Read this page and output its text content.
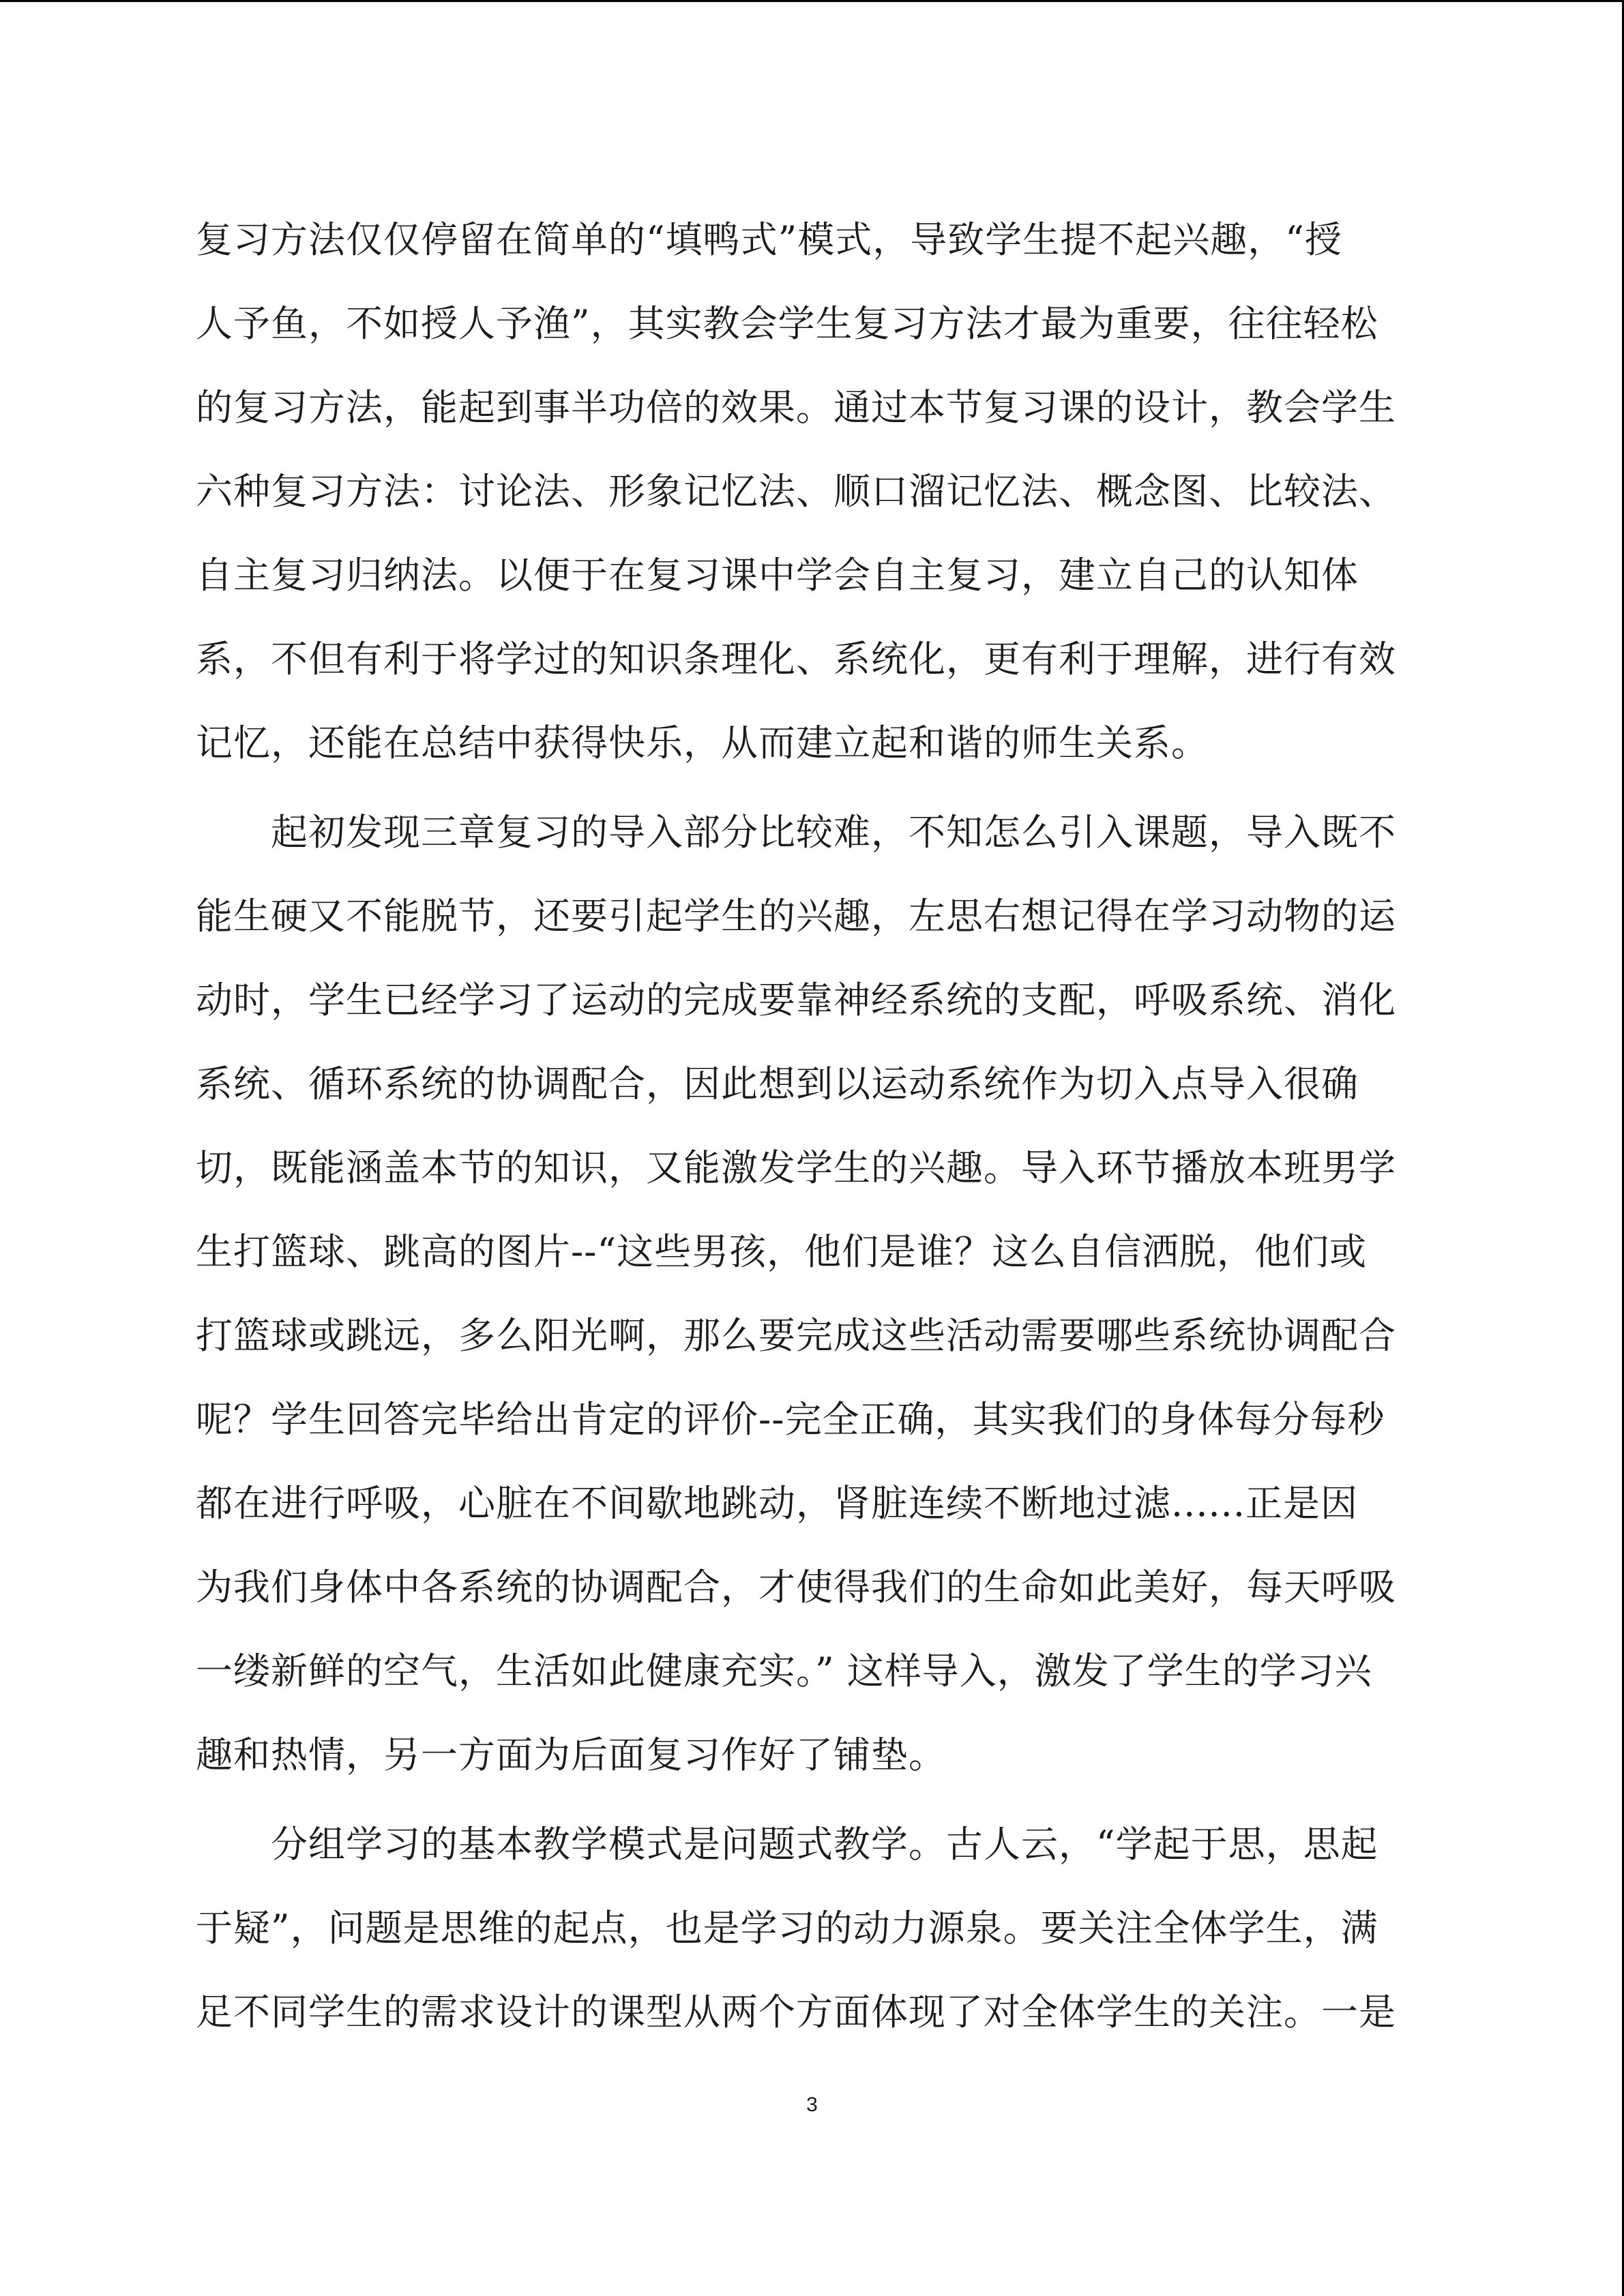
复习方法仅仅停留在简单的“填鸭式”模式，导致学生提不起兴趣，“授
人予鱼，不如授人予渔”，其实教会学生复习方法才最为重要，往往轻松
的复习方法，能起到事半功倍的效果。通过本节复习课的设计，教会学生
六种复习方法：讨论法、形象记忆法、顺口溜记忆法、概念图、比较法、
自主复习归纳法。以便于在复习课中学会自主复习，建立自己的认知体
系，不但有利于将学过的知识条理化、系统化，更有利于理解，进行有效
记忆，还能在总结中获得快乐，从而建立起和谐的师生关系。
　　起初发现三章复习的导入部分比较难，不知怎么引入课题，导入既不
能生硬又不能脱节，还要引起学生的兴趣，左思右想记得在学习动物的运
动时，学生已经学习了运动的完成要靠神经系统的支配，呼吸系统、消化
系统、循环系统的协调配合，因此想到以运动系统作为切入点导入很确
切，既能涵盖本节的知识，又能激发学生的兴趣。导入环节播放本班男学
生打篮球、跳高的图片--“这些男孩，他们是谁？这么自信洒脱，他们或
打篮球或跳远，多么阳光啊，那么要完成这些活动需要哪些系统协调配合
呢？学生回答完毕给出肯定的评价--完全正确，其实我们的身体每分每秒
都在进行呼吸，心脏在不间歇地跳动，肾脏连续不断地过滤......正是因
为我们身体中各系统的协调配合，才使得我们的生命如此美好，每天呼吸
一缕新鲜的空气，生活如此健康充实。” 这样导入，激发了学生的学习兴
趣和热情，另一方面为后面复习作好了铺垫。
　　分组学习的基本教学模式是问题式教学。古人云，“学起于思，思起
于疑”，问题是思维的起点，也是学习的动力源泉。要关注全体学生，满
足不同学生的需求设计的课型从两个方面体现了对全体学生的关注。一是
3
